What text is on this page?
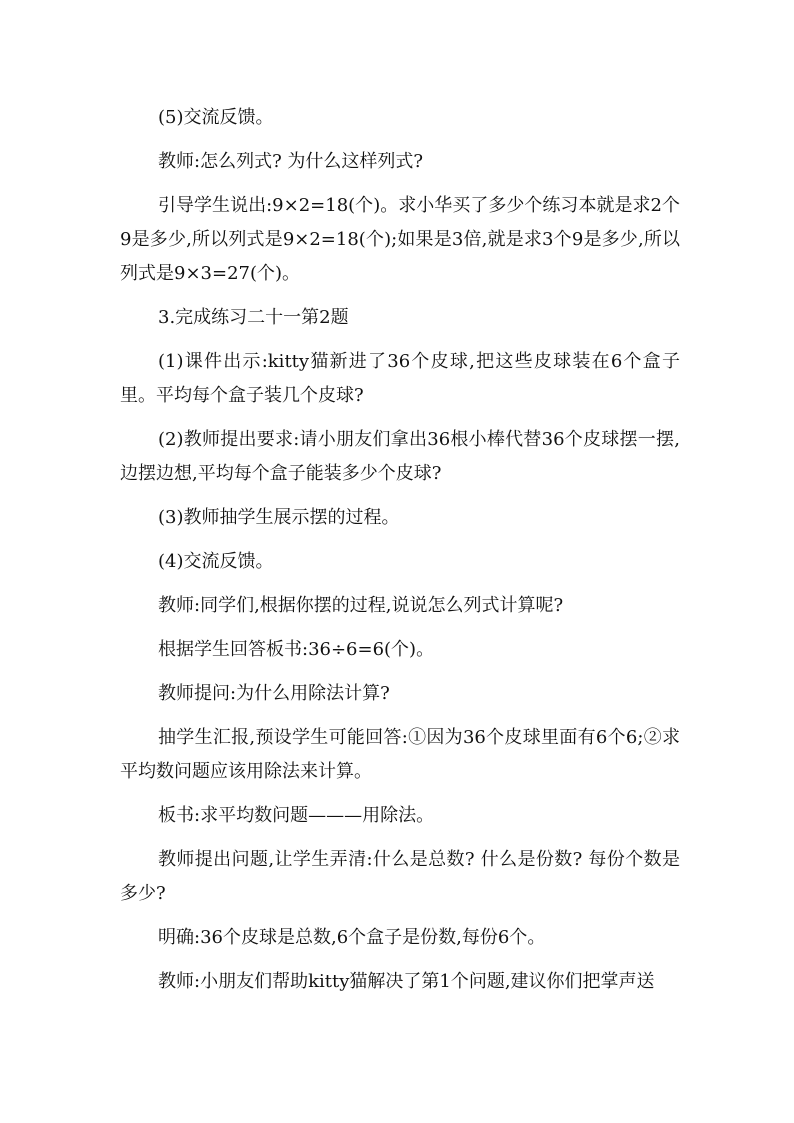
(5)交流反馈。

教师:怎么列式? 为什么这样列式?

引导学生说出:9×2=18(个)。求小华买了多少个练习本就是求2个9是多少,所以列式是9×2=18(个);如果是3倍,就是求3个9是多少,所以列式是9×3=27(个)。

3.完成练习二十一第2题

(1)课件出示:kitty猫新进了36个皮球,把这些皮球装在6个盒子里。平均每个盒子装几个皮球?

(2)教师提出要求:请小朋友们拿出36根小棒代替36个皮球摆一摆,边摆边想,平均每个盒子能装多少个皮球?

(3)教师抽学生展示摆的过程。

(4)交流反馈。

教师:同学们,根据你摆的过程,说说怎么列式计算呢?

根据学生回答板书:36÷6=6(个)。

教师提问:为什么用除法计算?

抽学生汇报,预设学生可能回答:①因为36个皮球里面有6个6;②求平均数问题应该用除法来计算。

板书:求平均数问题———用除法。

教师提出问题,让学生弄清:什么是总数? 什么是份数? 每份个数是多少?

明确:36个皮球是总数,6个盒子是份数,每份6个。

教师:小朋友们帮助kitty猫解决了第1个问题,建议你们把掌声送
